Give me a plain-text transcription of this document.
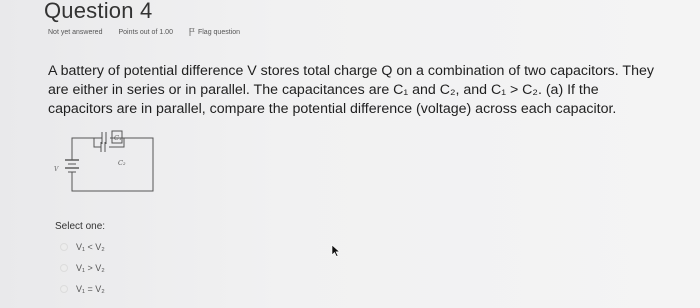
Question 4
Not yet answered Points out of 1.00	Flag question
A battery of potential difference V stores total charge Q on a combination of two capacitors. They are either in series or in parallel. The capacitances are C₁ and C₂, and C₁ > C₂. (a) If the capacitors are in parallel, compare the potential difference (voltage) across each capacitor.
C₁
C₂
V
Select one:
V₁ < V₂
V₁ > V₂
V₁ = V₂
